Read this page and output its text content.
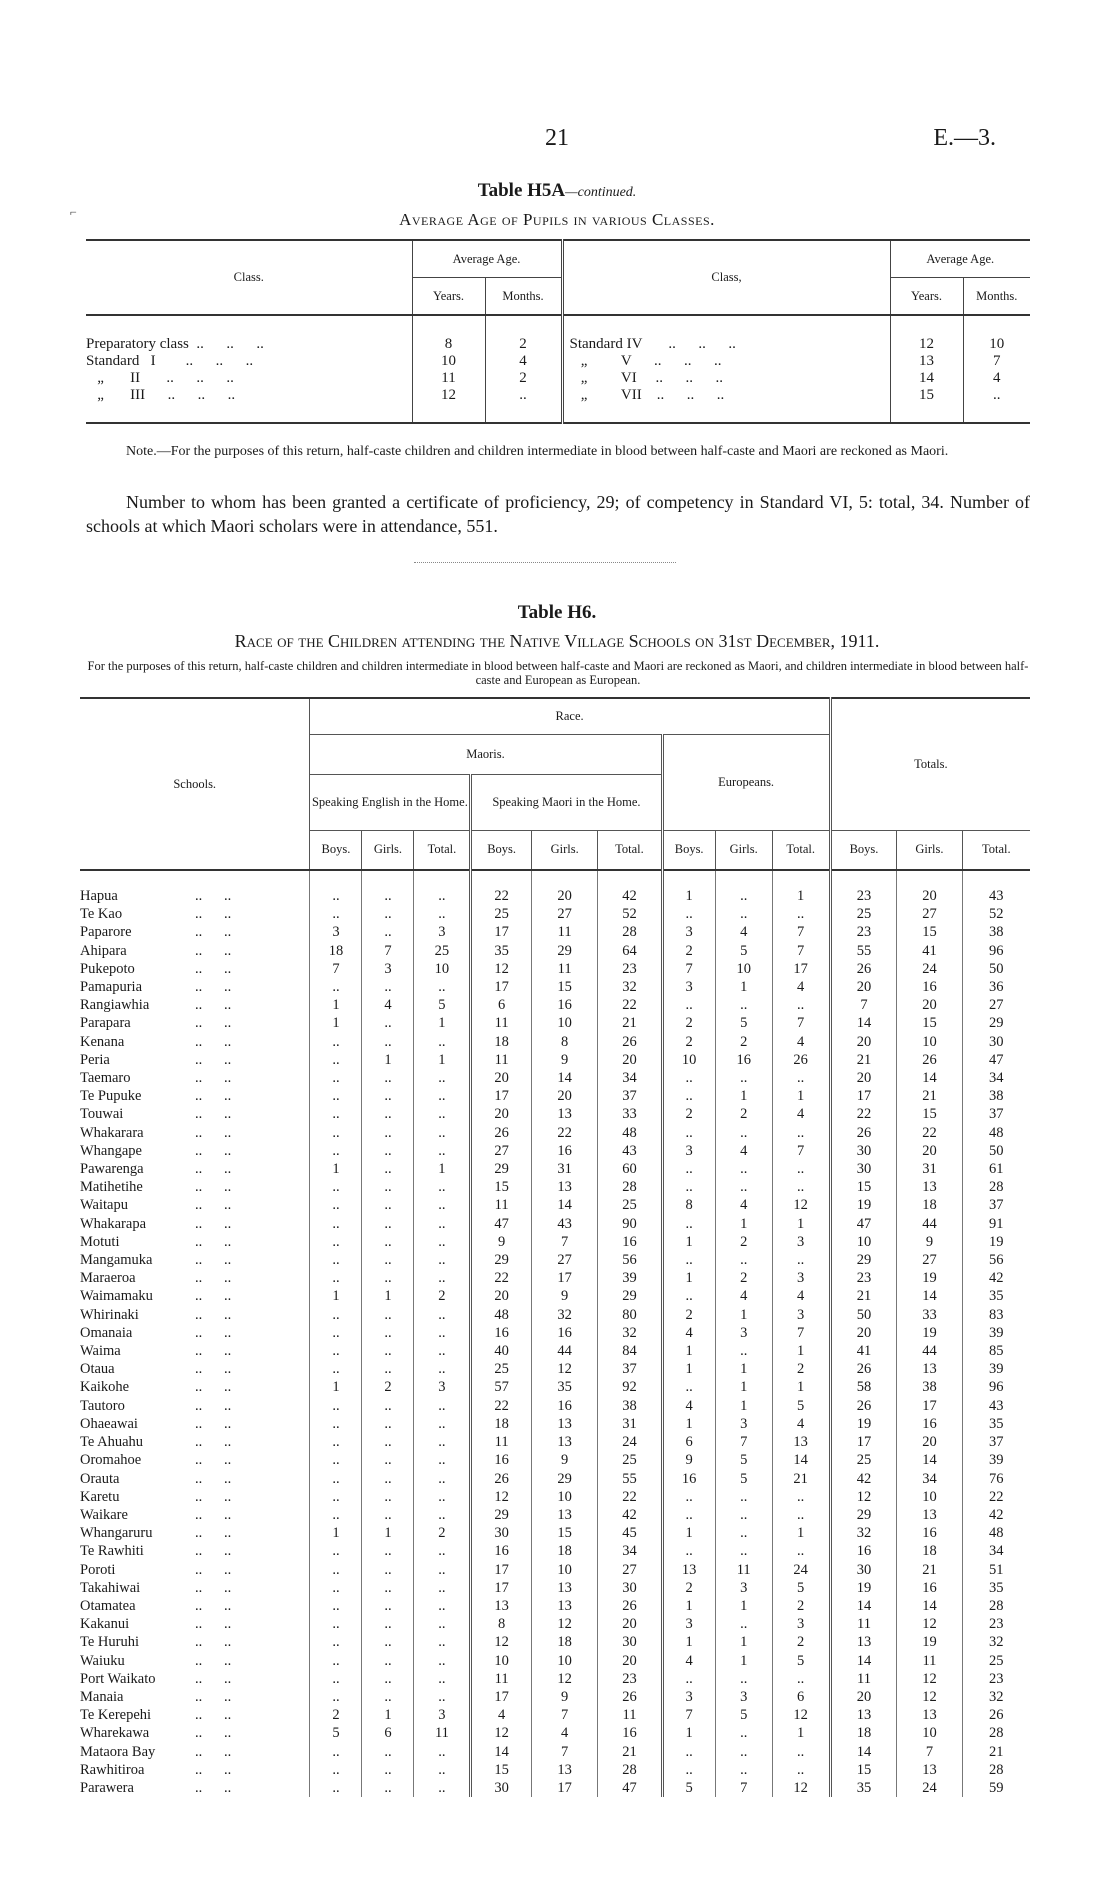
21	E.—3.
Table H5A—continued.
⌐	Average Age of Pupils in various Classes.
Class.	Average Age.		Class,	Average Age.	
	Years.	Months.		Years.	Months.
Preparatory class  ..      ..      ..	8	2	Standard IV       ..      ..      ..	12	10
Standard   I        ..      ..      ..	10	4	„         V      ..      ..      ..	13	7
„       II       ..      ..      ..	11	2	„         VI     ..      ..      ..	14	4
„       III      ..      ..      ..	12	..	„         VII    ..      ..      ..	15	..
Note.—For the purposes of this return, half-caste children and children intermediate in blood between half-caste and Maori are reckoned as Maori.
Number to whom has been granted a certificate of proficiency, 29; of competency in Standard VI, 5: total, 34. Number of schools at which Maori scholars were in attendance, 551.
Table H6.
Race of the Children attending the Native Village Schools on 31st December, 1911.
For the purposes of this return, half-caste children and children intermediate in blood between half-caste and Maori are reckoned as Maori, and children intermediate in blood between half-caste and European as European.
Schools.	Race.									Totals.		
	Maoris.						Europeans.					
	Speaking English in the Home.			Speaking Maori in the Home.								
	Boys.	Girls.	Total.	Boys.	Girls.	Total.	Boys.	Girls.	Total.	Boys.	Girls.	Total.
Hapua ..      ..	..	..	..	22	20	42	1	..	1	23	20	43
Te Kao ..      ..	..	..	..	25	27	52	..	..	..	25	27	52
Paparore ..      ..	3	..	3	17	11	28	3	4	7	23	15	38
Ahipara ..      ..	18	7	25	35	29	64	2	5	7	55	41	96
Pukepoto ..      ..	7	3	10	12	11	23	7	10	17	26	24	50
Pamapuria ..      ..	..	..	..	17	15	32	3	1	4	20	16	36
Rangiawhia ..      ..	1	4	5	6	16	22	..	..	..	7	20	27
Parapara ..      ..	1	..	1	11	10	21	2	5	7	14	15	29
Kenana ..      ..	..	..	..	18	8	26	2	2	4	20	10	30
Peria ..      ..	..	1	1	11	9	20	10	16	26	21	26	47
Taemaro ..      ..	..	..	..	20	14	34	..	..	..	20	14	34
Te Pupuke ..      ..	..	..	..	17	20	37	..	1	1	17	21	38
Touwai ..      ..	..	..	..	20	13	33	2	2	4	22	15	37
Whakarara ..      ..	..	..	..	26	22	48	..	..	..	26	22	48
Whangape ..      ..	..	..	..	27	16	43	3	4	7	30	20	50
Pawarenga ..      ..	1	..	1	29	31	60	..	..	..	30	31	61
Matihetihe ..      ..	..	..	..	15	13	28	..	..	..	15	13	28
Waitapu ..      ..	..	..	..	11	14	25	8	4	12	19	18	37
Whakarapa ..      ..	..	..	..	47	43	90	..	1	1	47	44	91
Motuti ..      ..	..	..	..	9	7	16	1	2	3	10	9	19
Mangamuka ..      ..	..	..	..	29	27	56	..	..	..	29	27	56
Maraeroa ..      ..	..	..	..	22	17	39	1	2	3	23	19	42
Waimamaku ..      ..	1	1	2	20	9	29	..	4	4	21	14	35
Whirinaki ..      ..	..	..	..	48	32	80	2	1	3	50	33	83
Omanaia ..      ..	..	..	..	16	16	32	4	3	7	20	19	39
Waima ..      ..	..	..	..	40	44	84	1	..	1	41	44	85
Otaua ..      ..	..	..	..	25	12	37	1	1	2	26	13	39
Kaikohe ..      ..	1	2	3	57	35	92	..	1	1	58	38	96
Tautoro ..      ..	..	..	..	22	16	38	4	1	5	26	17	43
Ohaeawai ..      ..	..	..	..	18	13	31	1	3	4	19	16	35
Te Ahuahu ..      ..	..	..	..	11	13	24	6	7	13	17	20	37
Oromahoe ..      ..	..	..	..	16	9	25	9	5	14	25	14	39
Orauta ..      ..	..	..	..	26	29	55	16	5	21	42	34	76
Karetu ..      ..	..	..	..	12	10	22	..	..	..	12	10	22
Waikare ..      ..	..	..	..	29	13	42	..	..	..	29	13	42
Whangaruru ..      ..	1	1	2	30	15	45	1	..	1	32	16	48
Te Rawhiti ..      ..	..	..	..	16	18	34	..	..	..	16	18	34
Poroti ..      ..	..	..	..	17	10	27	13	11	24	30	21	51
Takahiwai ..      ..	..	..	..	17	13	30	2	3	5	19	16	35
Otamatea ..      ..	..	..	..	13	13	26	1	1	2	14	14	28
Kakanui ..      ..	..	..	..	8	12	20	3	..	3	11	12	23
Te Huruhi ..      ..	..	..	..	12	18	30	1	1	2	13	19	32
Waiuku ..      ..	..	..	..	10	10	20	4	1	5	14	11	25
Port Waikato ..      ..	..	..	..	11	12	23	..	..	..	11	12	23
Manaia ..      ..	..	..	..	17	9	26	3	3	6	20	12	32
Te Kerepehi ..      ..	2	1	3	4	7	11	7	5	12	13	13	26
Wharekawa ..      ..	5	6	11	12	4	16	1	..	1	18	10	28
Mataora Bay ..      ..	..	..	..	14	7	21	..	..	..	14	7	21
Rawhitiroa ..      ..	..	..	..	15	13	28	..	..	..	15	13	28
Parawera ..      ..	..	..	..	30	17	47	5	7	12	35	24	59
